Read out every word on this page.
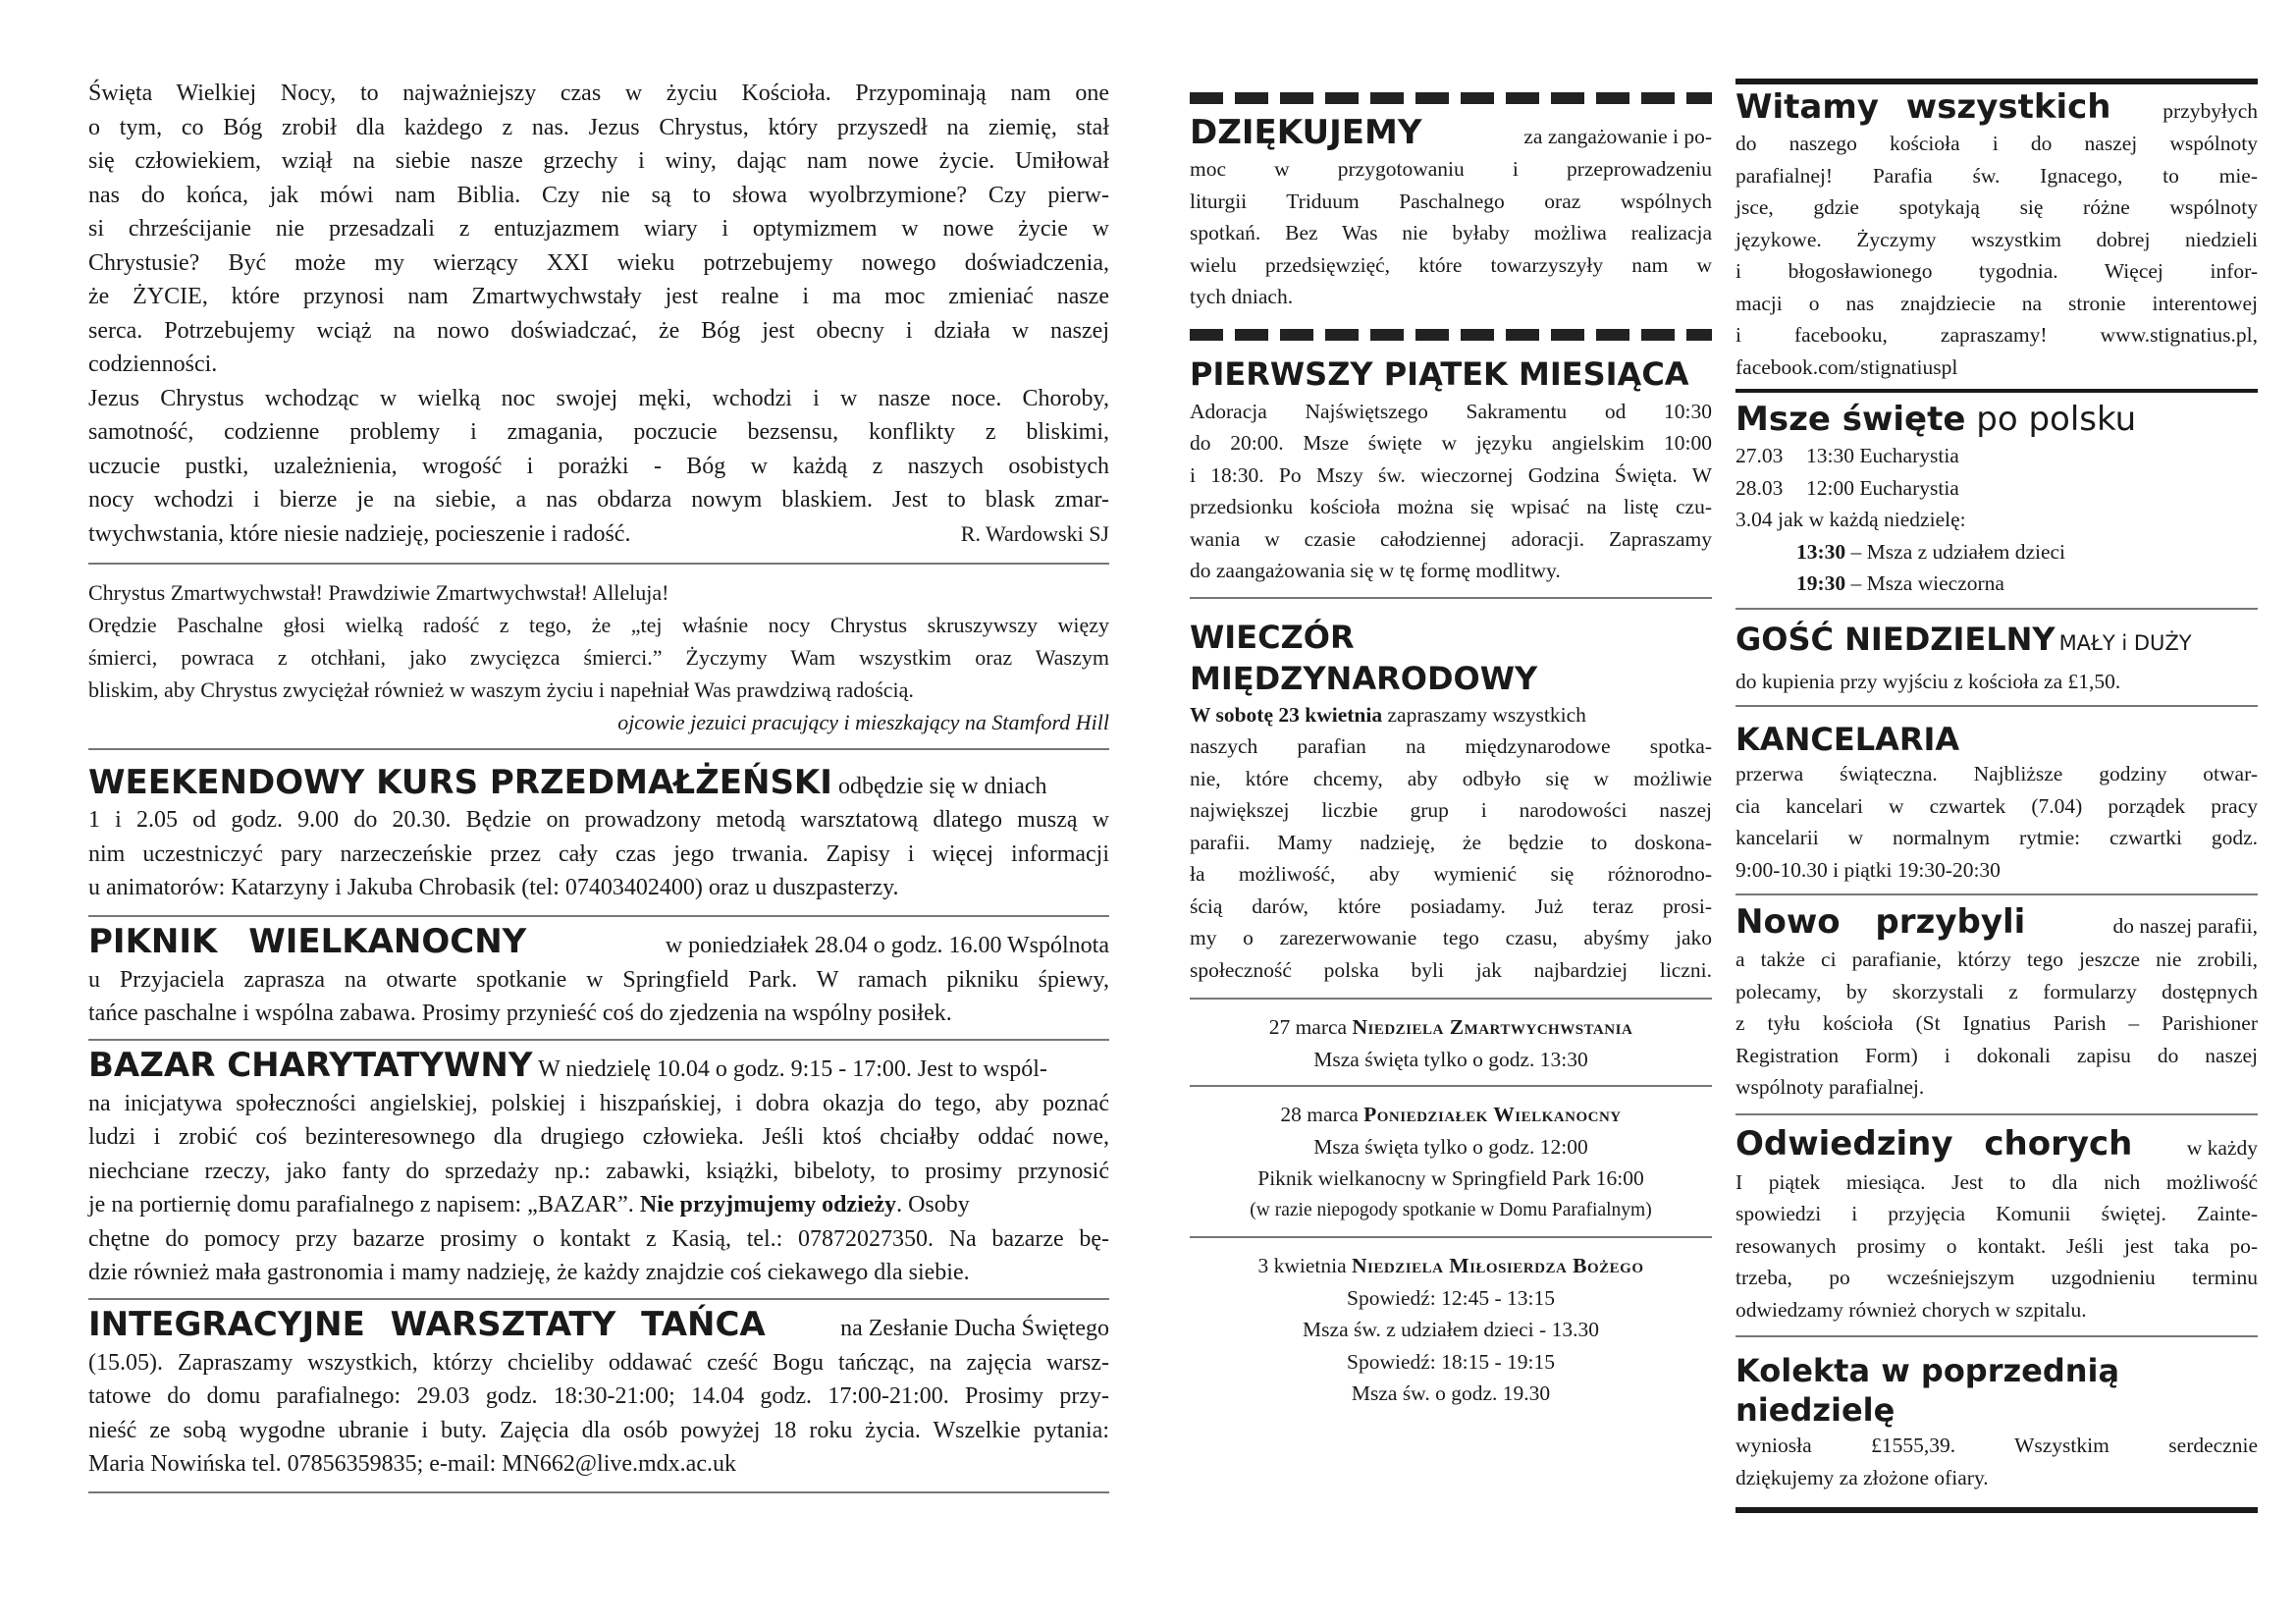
Święta Wielkiej Nocy, to najważniejszy czas w życiu Kościoła. Przypominają nam one

o tym, co Bóg zrobił dla każdego z nas. Jezus Chrystus, który przyszedł na ziemię, stał

się człowiekiem, wziął na siebie nasze grzechy i winy, dając nam nowe życie. Umiłował

nas do końca, jak mówi nam Biblia. Czy nie są to słowa wyolbrzymione? Czy pierw-

si chrześcijanie nie przesadzali z entuzjazmem wiary i optymizmem w nowe życie w

Chrystusie? Być może my wierzący XXI wieku potrzebujemy nowego doświadczenia,

że ŻYCIE, które przynosi nam Zmartwychwstały jest realne i ma moc zmieniać nasze

serca. Potrzebujemy wciąż na nowo doświadczać, że Bóg jest obecny i działa w naszej

codzienności.

Jezus Chrystus wchodząc w wielką noc swojej męki, wchodzi i w nasze noce. Choroby,

samotność, codzienne problemy i zmagania, poczucie bezsensu, konflikty z bliskimi,

uczucie pustki, uzależnienia, wrogość i porażki - Bóg w każdą z naszych osobistych

nocy wchodzi i bierze je na siebie, a nas obdarza nowym blaskiem. Jest to blask zmar-

twychwstania, które niesie nadzieję, pocieszenie i radość.	R. Wardowski SJ

Chrystus Zmartwychwstał! Prawdziwie Zmartwychwstał! Alleluja!

Orędzie Paschalne głosi wielką radość z tego, że „tej właśnie nocy Chrystus skruszywszy więzy

śmierci, powraca z otchłani, jako zwycięzca śmierci.” Życzymy Wam wszystkim oraz Waszym

bliskim, aby Chrystus zwyciężał również w waszym życiu i napełniał Was prawdziwą radością.

ojcowie jezuici pracujący i mieszkający na Stamford Hill

WEEKENDOWY KURS PRZEDMAŁŻEŃSKI odbędzie się w dniach

1 i 2.05 od godz. 9.00 do 20.30. Będzie on prowadzony metodą warsztatową dlatego muszą w

nim uczestniczyć pary narzeczeńskie przez cały czas jego trwania. Zapisy i więcej informacji

u animatorów: Katarzyny i Jakuba Chrobasik (tel: 07403402400) oraz u duszpasterzy.

PIKNIK WIELKANOCNY	w poniedziałek 28.04 o godz. 16.00 Wspólnota

u Przyjaciela zaprasza na otwarte spotkanie w Springfield Park. W ramach pikniku śpiewy,

tańce paschalne i wspólna zabawa. Prosimy przynieść coś do zjedzenia na wspólny posiłek.

BAZAR CHARYTATYWNY W niedzielę 10.04 o godz. 9:15 - 17:00. Jest to wspól-

na inicjatywa społeczności angielskiej, polskiej i hiszpańskiej, i dobra okazja do tego, aby poznać

ludzi i zrobić coś bezinteresownego dla drugiego człowieka. Jeśli ktoś chciałby oddać nowe,

niechciane rzeczy, jako fanty do sprzedaży np.: zabawki, książki, bibeloty, to prosimy przynosić

je na portiernię domu parafialnego z napisem: „BAZAR”. Nie przyjmujemy odzieży. Osoby

chętne do pomocy przy bazarze prosimy o kontakt z Kasią, tel.: 07872027350. Na bazarze bę-

dzie również mała gastronomia i mamy nadzieję, że każdy znajdzie coś ciekawego dla siebie.

INTEGRACYJNE WARSZTATY TAŃCA	na Zesłanie Ducha Świętego

(15.05). Zapraszamy wszystkich, którzy chcieliby oddawać cześć Bogu tańcząc, na zajęcia warsz-

tatowe do domu parafialnego: 29.03 godz. 18:30-21:00; 14.04 godz. 17:00-21:00. Prosimy przy-

nieść ze sobą wygodne ubranie i buty. Zajęcia dla osób powyżej 18 roku życia. Wszelkie pytania:

Maria Nowińska tel. 07856359835; e-mail: MN662@live.mdx.ac.uk

DZIĘKUJEMY	za zangażowanie i po-

moc w przygotowaniu i przeprowadzeniu

liturgii Triduum Paschalnego oraz wspólnych

spotkań. Bez Was nie byłaby możliwa realizacja

wielu przedsięwzięć, które towarzyszyły nam w

tych dniach.

PIERWSZY PIĄTEK MIESIĄCA

Adoracja Najświętszego Sakramentu od 10:30

do 20:00. Msze święte w języku angielskim 10:00

i 18:30. Po Mszy św. wieczornej Godzina Święta. W

przedsionku kościoła można się wpisać na listę czu-

wania w czasie całodziennej adoracji. Zapraszamy

do zaangażowania się w tę formę modlitwy.

WIECZÓR

MIĘDZYNARODOWY

W sobotę 23 kwietnia zapraszamy wszystkich

naszych parafian na międzynarodowe spotka-

nie, które chcemy, aby odbyło się w możliwie

największej liczbie grup i narodowości naszej

parafii. Mamy nadzieję, że będzie to doskona-

ła możliwość, aby wymienić się różnorodno-

ścią darów, które posiadamy. Już teraz prosi-

my o zarezerwowanie tego czasu, abyśmy jako

społeczność polska byli jak najbardziej liczni.

27 marca Niedziela Zmartwychwstania

Msza święta tylko o godz. 13:30

28 marca Poniedziałek Wielkanocny

Msza święta tylko o godz. 12:00

Piknik wielkanocny w Springfield Park 16:00

(w razie niepogody spotkanie w Domu Parafialnym)

3 kwietnia Niedziela Miłosierdza Bożego

Spowiedź: 12:45 - 13:15

Msza św. z udziałem dzieci - 13.30

Spowiedź: 18:15 - 19:15

Msza św. o godz. 19.30

Witamy wszystkich przybyłych

do naszego kościoła i do naszej wspólnoty

parafialnej! Parafia św. Ignacego, to mie-

jsce, gdzie spotykają się różne wspólnoty

językowe. Życzymy wszystkim dobrej niedzieli

i błogosławionego tygodnia. Więcej infor-

macji o nas znajdziecie na stronie interentowej

i facebooku, zapraszamy! www.stignatius.pl,

facebook.com/stignatiuspl

Msze święte po polsku

27.03 13:30 Eucharystia

28.03 12:00 Eucharystia

3.04 jak w każdą niedzielę:

13:30 – Msza z udziałem dzieci

19:30 – Msza wieczorna

GOŚĆ NIEDZIELNY MAŁY i DUŻY

do kupienia przy wyjściu z kościoła za £1,50.

KANCELARIA

przerwa świąteczna. Najbliższe godziny otwar-

cia kancelari w czwartek (7.04) porządek pracy

kancelarii w normalnym rytmie: czwartki godz.

9:00-10.30 i piątki 19:30-20:30

Nowo przybyli	do naszej parafii,

a także ci parafianie, którzy tego jeszcze nie zrobili,

polecamy, by skorzystali z formularzy dostępnych

z tyłu kościoła (St Ignatius Parish – Parishioner

Registration Form) i dokonali zapisu do naszej

wspólnoty parafialnej.

Odwiedziny chorych	w każdy

I piątek miesiąca. Jest to dla nich możliwość

spowiedzi i przyjęcia Komunii świętej. Zainte-

resowanych prosimy o kontakt. Jeśli jest taka po-

trzeba, po wcześniejszym uzgodnieniu terminu

odwiedzamy również chorych w szpitalu.

Kolekta w poprzednią niedzielę

wyniosła £1555,39. Wszystkim serdecznie

dziękujemy za złożone ofiary.
